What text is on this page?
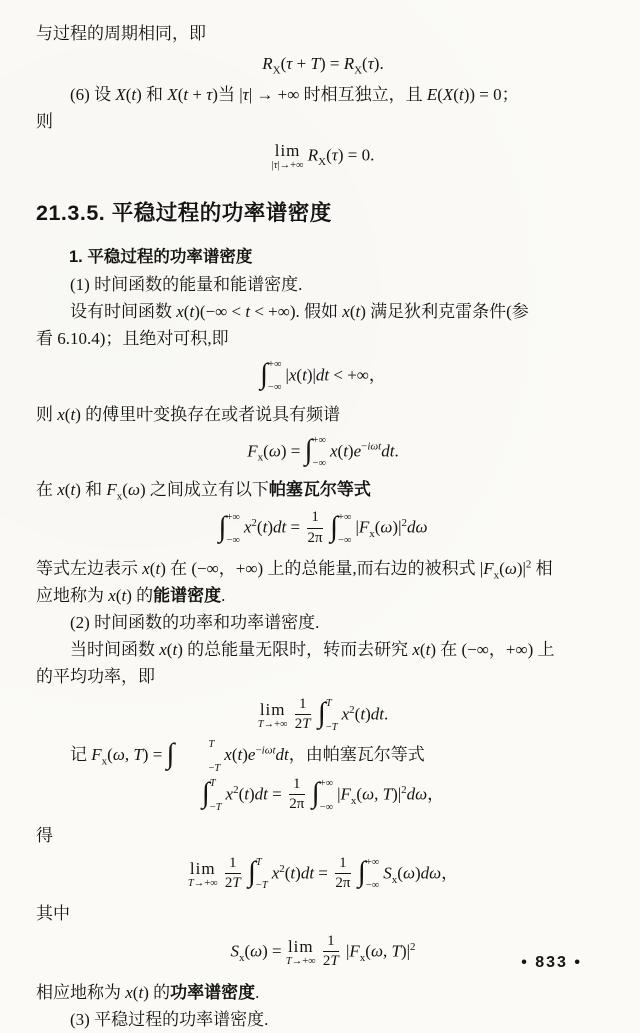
与过程的周期相同，即
$R_X(\tau + T) = R_X(\tau)$.
(6) 设 X(t) 和 X(t + τ)当 |τ| → +∞ 时相互独立，且 E(X(t)) = 0；
则
lim
|τ|→+∞
$R_X(\tau) = 0$.
21.3.5. 平稳过程的功率谱密度
1. 平稳过程的功率谱密度
(1) 时间函数的能量和能谱密度.
设有时间函数 x(t)(−∞ < t < +∞). 假如 x(t) 满足狄利克雷条件(参
看 6.10.4)；且绝对可积,即
∫ +∞
−∞
|x(t)|dt < +∞，
则 x(t) 的傅里叶变换存在或者说具有频谱
$F_x(\omega)$ = ∫ +∞
−∞
$x(t)e^{-i\omega t}dt$.
在 x(t) 和 $F_x(\omega)$ 之间成立有以下帕塞瓦尔等式
∫ +∞
−∞
$x^2(t)dt = \frac{1}{2\pi}$ ∫ +∞
−∞
$|F_x(\omega)|^2d\omega$
等式左边表示 x(t) 在 (−∞，+∞) 上的总能量,而右边的被积式 $|F_x(\omega)|^2$ 相
应地称为 x(t) 的能谱密度.
(2) 时间函数的功率和功率谱密度.
当时间函数 x(t) 的总能量无限时，转而去研究 x(t) 在 (−∞，+∞) 上
的平均功率，即
lim
T→+∞
$\frac{1}{2T}$ ∫ T
−T
$x^2(t)dt$.
记 $F_x(\omega$, T) = ∫	T
−T
$x(t)e^{-i\omega t}dt$，由帕塞瓦尔等式
∫ T
−T
$x^2(t)dt = \frac{1}{2\pi}$ ∫ +∞
−∞
$|F_x(\omega$, $T)|^2d\omega$，
得
lim
T→+∞
$\frac{1}{2T}$ ∫ T
−T
$x^2(t)dt = \frac{1}{2\pi}$ ∫ +∞
−∞
$S_x(\omega)d\omega$，
其中
$S_x(\omega) = \lim$
T→+∞
$\frac{1}{2T} |F_x(\omega$, $T)|^2$
相应地称为 x(t) 的功率谱密度.
(3) 平稳过程的功率谱密度.
• 833 •
